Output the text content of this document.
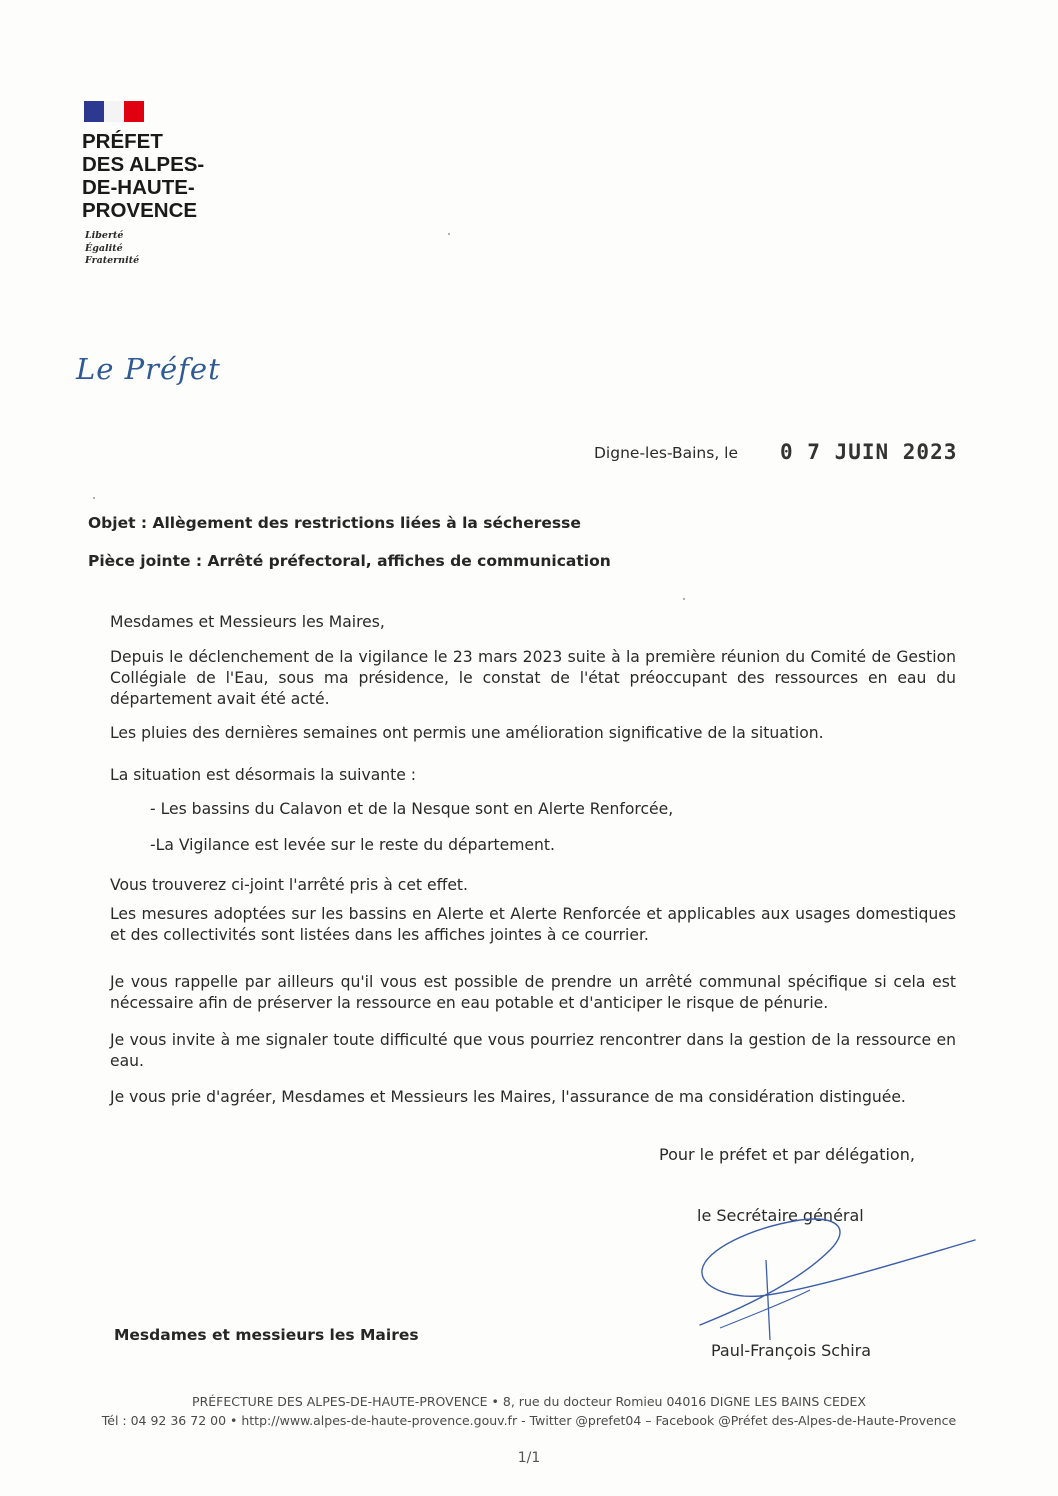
PRÉFET
DES ALPES-
DE-HAUTE-
PROVENCE
Liberté
Égalité
Fraternité
Le Préfet
Digne-les-Bains, le 0 7 JUIN 2023
Objet : Allègement des restrictions liées à la sécheresse
Pièce jointe : Arrêté préfectoral, affiches de communication

Mesdames et Messieurs les Maires,

Depuis le déclenchement de la vigilance le 23 mars 2023 suite à la première réunion du Comité de Gestion Collégiale de l'Eau, sous ma présidence, le constat de l'état préoccupant des ressources en eau du département avait été acté.

Les pluies des dernières semaines ont permis une amélioration significative de la situation.

La situation est désormais la suivante :

- Les bassins du Calavon et de la Nesque sont en Alerte Renforcée,
-La Vigilance est levée sur le reste du département.

Vous trouverez ci-joint l'arrêté pris à cet effet.

Les mesures adoptées sur les bassins en Alerte et Alerte Renforcée et applicables aux usages domestiques et des collectivités sont listées dans les affiches jointes à ce courrier.

Je vous rappelle par ailleurs qu'il vous est possible de prendre un arrêté communal spécifique si cela est nécessaire afin de préserver la ressource en eau potable et d'anticiper le risque de pénurie.

Je vous invite à me signaler toute difficulté que vous pourriez rencontrer dans la gestion de la ressource en eau.

Je vous prie d'agréer, Mesdames et Messieurs les Maires, l'assurance de ma considération distinguée.

Pour le préfet et par délégation,
le Secrétaire général
Paul-François Schira
Mesdames et messieurs les Maires
PRÉFECTURE DES ALPES-DE-HAUTE-PROVENCE • 8, rue du docteur Romieu 04016 DIGNE LES BAINS CEDEX
Tél : 04 92 36 72 00 • http://www.alpes-de-haute-provence.gouv.fr - Twitter @prefet04 – Facebook @Préfet des-Alpes-de-Haute-Provence
1/1
